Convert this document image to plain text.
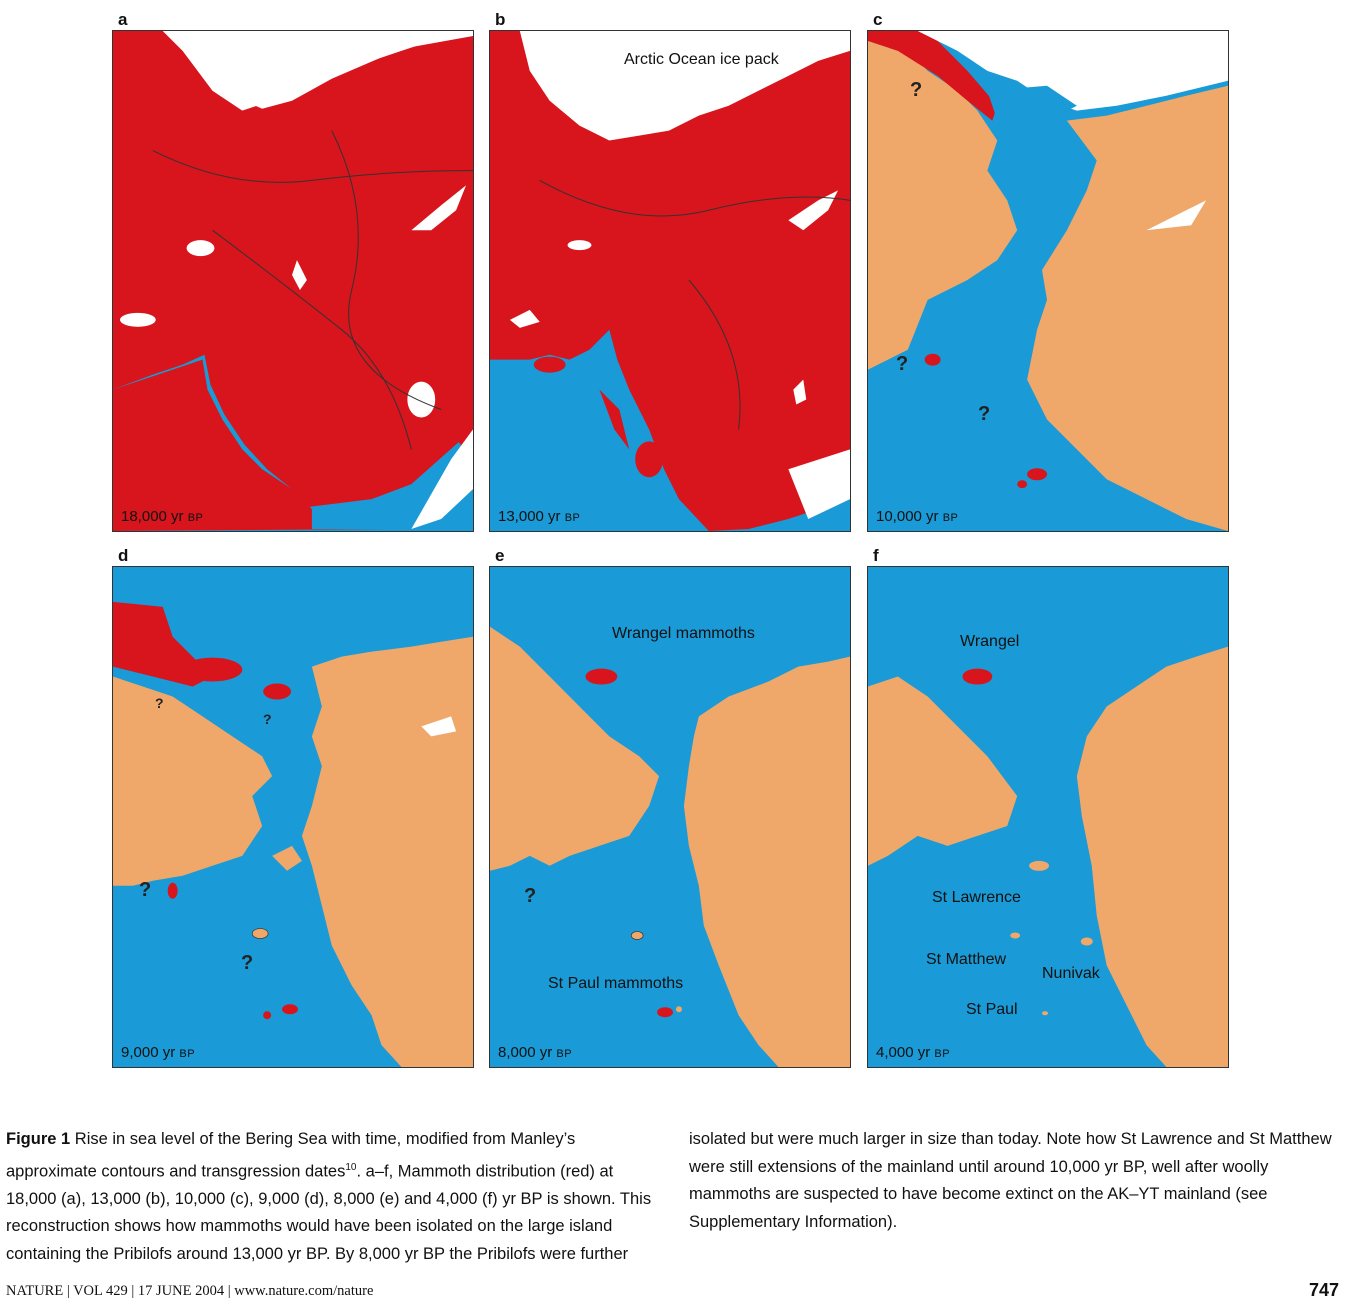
a
18,000 yr BP
b
Arctic Ocean ice pack
13,000 yr BP
c
?
?
?
10,000 yr BP
d
?
?
?
?
9,000 yr BP
e
Wrangel mammoths
St Paul mammoths
?
8,000 yr BP
f
Wrangel
St Lawrence
St Matthew
Nunivak
St Paul
4,000 yr BP
Figure 1 Rise in sea level of the Bering Sea with time, modified from Manley’s approximate contours and transgression dates$^{10}$. a–f, Mammoth distribution (red) at 18,000 (a), 13,000 (b), 10,000 (c), 9,000 (d), 8,000 (e) and 4,000 (f) yr BP is shown. This reconstruction shows how mammoths would have been isolated on the large island containing the Pribilofs around 13,000 yr BP. By 8,000 yr BP the Pribilofs were further
isolated but were much larger in size than today. Note how St Lawrence and St Matthew were still extensions of the mainland until around 10,000 yr BP, well after woolly mammoths are suspected to have become extinct on the AK–YT mainland (see Supplementary Information).
NATURE | VOL 429 | 17 JUNE 2004 | www.nature.com/nature	747
